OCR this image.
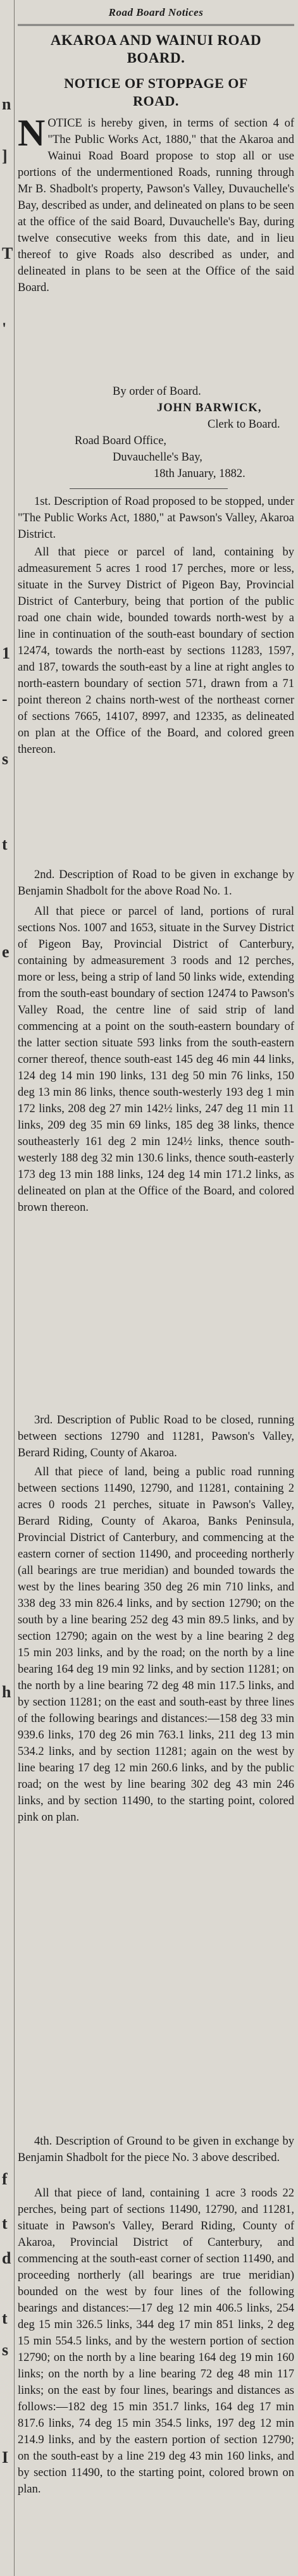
n
]
T
'
1
-
s
t
e
h
f
t
d
t
s
I
Road Board Notices
AKAROA AND WAINUI ROAD
BOARD.
NOTICE OF STOPPAGE OF
ROAD.
NOTICE is hereby given, in terms of section 4 of "The Public Works Act, 1880," that the Akaroa and Wainui Road Board propose to stop all or use portions of the undermentioned Roads, running through Mr B. Shadbolt's property, Pawson's Valley, Duvauchelle's Bay, described as under, and delineated on plans to be seen at the office of the said Board, Duvauchelle's Bay, during twelve consecutive weeks from this date, and in lieu thereof to give Roads also described as under, and delineated in plans to be seen at the Office of the said Board.
By order of Board.
JOHN BARWICK,
Clerk to Board.
Road Board Office,
Duvauchelle's Bay,
18th January, 1882.
1st. Description of Road proposed to be stopped, under "The Public Works Act, 1880," at Pawson's Valley, Akaroa District.
All that piece or parcel of land, containing by admeasurement 5 acres 1 rood 17 perches, more or less, situate in the Survey District of Pigeon Bay, Provincial District of Canterbury, being that portion of the public road one chain wide, bounded towards north-west by a line in continuation of the south-east boundary of section 12474, towards the north-east by sections 11283, 1597, and 187, towards the south-east by a line at right angles to north-eastern boundary of section 571, drawn from a 71 point thereon 2 chains north-west of the northeast corner of sections 7665, 14107, 8997, and 12335, as delineated on plan at the Office of the Board, and colored green thereon.
2nd. Description of Road to be given in exchange by Benjamin Shadbolt for the above Road No. 1.
All that piece or parcel of land, portions of rural sections Nos. 1007 and 1653, situate in the Survey District of Pigeon Bay, Provincial District of Canterbury, containing by admeasurement 3 roods and 12 perches, more or less, being a strip of land 50 links wide, extending from the south-east boundary of section 12474 to Pawson's Valley Road, the centre line of said strip of land commencing at a point on the south-eastern boundary of the latter section situate 593 links from the south-eastern corner thereof, thence south-east 145 deg 46 min 44 links, 124 deg 14 min 190 links, 131 deg 50 min 76 links, 150 deg 13 min 86 links, thence south-westerly 193 deg 1 min 172 links, 208 deg 27 min 142½ links, 247 deg 11 min 11 links, 209 deg 35 min 69 links, 185 deg 38 links, thence southeasterly 161 deg 2 min 124½ links, thence south-westerly 188 deg 32 min 130.6 links, thence south-easterly 173 deg 13 min 188 links, 124 deg 14 min 171.2 links, as delineated on plan at the Office of the Board, and colored brown thereon.
3rd. Description of Public Road to be closed, running between sections 12790 and 11281, Pawson's Valley, Berard Riding, County of Akaroa.
All that piece of land, being a public road running between sections 11490, 12790, and 11281, containing 2 acres 0 roods 21 perches, situate in Pawson's Valley, Berard Riding, County of Akaroa, Banks Peninsula, Provincial District of Canterbury, and commencing at the eastern corner of section 11490, and proceeding northerly (all bearings are true meridian) and bounded towards the west by the lines bearing 350 deg 26 min 710 links, and 338 deg 33 min 826.4 links, and by section 12790; on the south by a line bearing 252 deg 43 min 89.5 links, and by section 12790; again on the west by a line bearing 2 deg 15 min 203 links, and by the road; on the north by a line bearing 164 deg 19 min 92 links, and by section 11281; on the north by a line bearing 72 deg 48 min 117.5 links, and by section 11281; on the east and south-east by three lines of the following bearings and distances:—158 deg 33 min 939.6 links, 170 deg 26 min 763.1 links, 211 deg 13 min 534.2 links, and by section 11281; again on the west by line bearing 17 deg 12 min 260.6 links, and by the public road; on the west by line bearing 302 deg 43 min 246 links, and by section 11490, to the starting point, colored pink on plan.
4th. Description of Ground to be given in exchange by Benjamin Shadbolt for the piece No. 3 above described.
All that piece of land, containing 1 acre 3 roods 22 perches, being part of sections 11490, 12790, and 11281, situate in Pawson's Valley, Berard Riding, County of Akaroa, Provincial District of Canterbury, and commencing at the south-east corner of section 11490, and proceeding northerly (all bearings are true meridian) bounded on the west by four lines of the following bearings and distances:—17 deg 12 min 406.5 links, 254 deg 15 min 326.5 links, 344 deg 17 min 851 links, 2 deg 15 min 554.5 links, and by the western portion of section 12790; on the north by a line bearing 164 deg 19 min 160 links; on the north by a line bearing 72 deg 48 min 117 links; on the east by four lines, bearings and distances as follows:—182 deg 15 min 351.7 links, 164 deg 17 min 817.6 links, 74 deg 15 min 354.5 links, 197 deg 12 min 214.9 links, and by the eastern portion of section 12790; on the south-east by a line 219 deg 43 min 160 links, and by section 11490, to the starting point, colored brown on plan.
